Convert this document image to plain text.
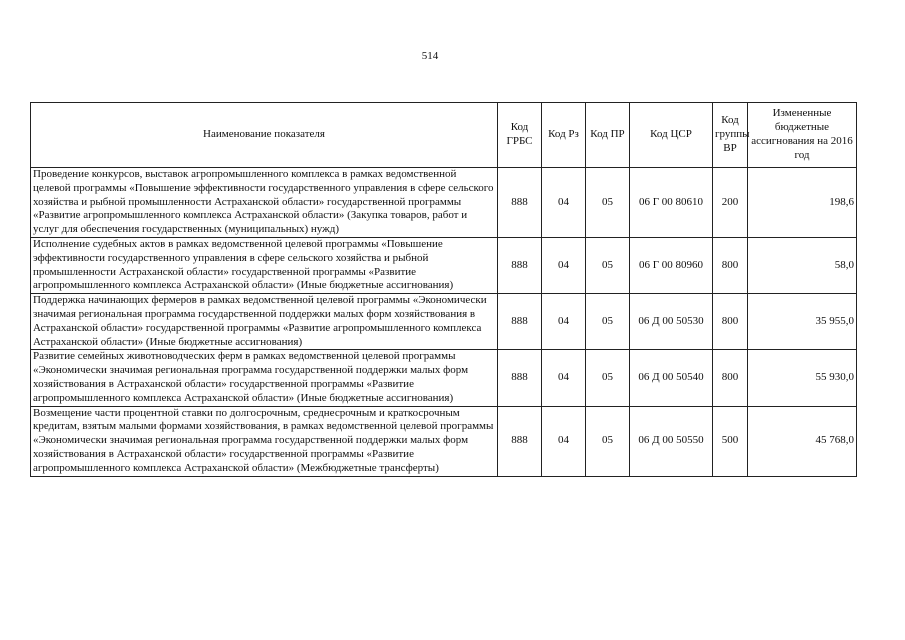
514
Наименование показателя	Код ГРБС	Код Рз	Код ПР	Код ЦСР	Код группы ВР	Измененные бюджетные ассигнования на 2016 год
Проведение конкурсов, выставок агропромышленного комплекса в рамках ведомственной целевой программы «Повышение эффективности государственного управления в сфере сельского хозяйства и рыбной промышленности Астраханской области» государственной программы «Развитие агропромышленного комплекса Астраханской области» (Закупка товаров, работ и услуг для обеспечения государственных (муниципальных) нужд)	888	04	05	06 Г 00 80610	200	198,6
Исполнение судебных актов в рамках ведомственной целевой программы «Повышение эффективности государственного управления в сфере сельского хозяйства и рыбной промышленности Астраханской области» государственной программы «Развитие агропромышленного комплекса Астраханской области» (Иные бюджетные ассигнования)	888	04	05	06 Г 00 80960	800	58,0
Поддержка начинающих фермеров в рамках ведомственной целевой программы «Экономически значимая региональная программа государственной поддержки малых форм хозяйствования в Астраханской области» государственной программы «Развитие агропромышленного комплекса Астраханской области» (Иные бюджетные ассигнования)	888	04	05	06 Д 00 50530	800	35 955,0
Развитие семейных животноводческих ферм в рамках ведомственной целевой программы «Экономически значимая региональная программа государственной поддержки малых форм хозяйствования в Астраханской области» государственной программы «Развитие агропромышленного комплекса Астраханской области» (Иные бюджетные ассигнования)	888	04	05	06 Д 00 50540	800	55 930,0
Возмещение части процентной ставки по долгосрочным, среднесрочным и краткосрочным кредитам, взятым малыми формами хозяйствования, в рамках ведомственной целевой программы «Экономически значимая региональная программа государственной поддержки малых форм хозяйствования в Астраханской области» государственной программы «Развитие агропромышленного комплекса Астраханской области» (Межбюджетные трансферты)	888	04	05	06 Д 00 50550	500	45 768,0
